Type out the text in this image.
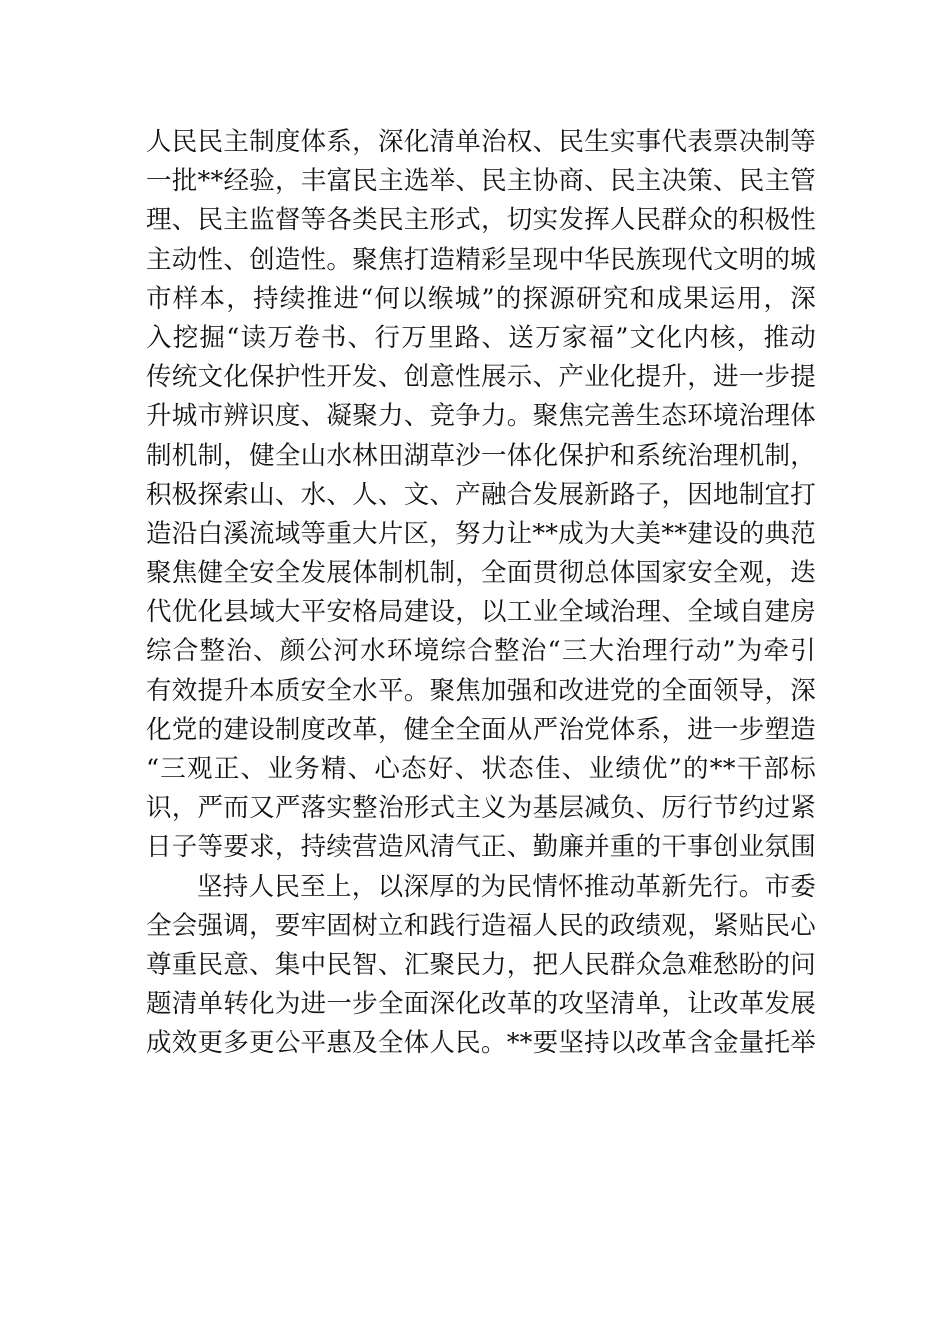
人民民主制度体系，深化清单治权、民生实事代表票决制等
一批**经验，丰富民主选举、民主协商、民主决策、民主管
理、民主监督等各类民主形式，切实发挥人民群众的积极性
主动性、创造性。聚焦打造精彩呈现中华民族现代文明的城
市样本，持续推进“何以缑城”的探源研究和成果运用，深
入挖掘“读万卷书、行万里路、送万家福”文化内核，推动
传统文化保护性开发、创意性展示、产业化提升，进一步提
升城市辨识度、凝聚力、竞争力。聚焦完善生态环境治理体
制机制，健全山水林田湖草沙一体化保护和系统治理机制，
积极探索山、水、人、文、产融合发展新路子，因地制宜打
造沿白溪流域等重大片区，努力让**成为大美**建设的典范
聚焦健全安全发展体制机制，全面贯彻总体国家安全观，迭
代优化县域大平安格局建设，以工业全域治理、全域自建房
综合整治、颜公河水环境综合整治“三大治理行动”为牵引
有效提升本质安全水平。聚焦加强和改进党的全面领导，深
化党的建设制度改革，健全全面从严治党体系，进一步塑造
“三观正、业务精、心态好、状态佳、业绩优”的**干部标
识，严而又严落实整治形式主义为基层减负、厉行节约过紧
日子等要求，持续营造风清气正、勤廉并重的干事创业氛围
坚持人民至上，以深厚的为民情怀推动革新先行。市委
全会强调，要牢固树立和践行造福人民的政绩观，紧贴民心
尊重民意、集中民智、汇聚民力，把人民群众急难愁盼的问
题清单转化为进一步全面深化改革的攻坚清单，让改革发展
成效更多更公平惠及全体人民。**要坚持以改革含金量托举
